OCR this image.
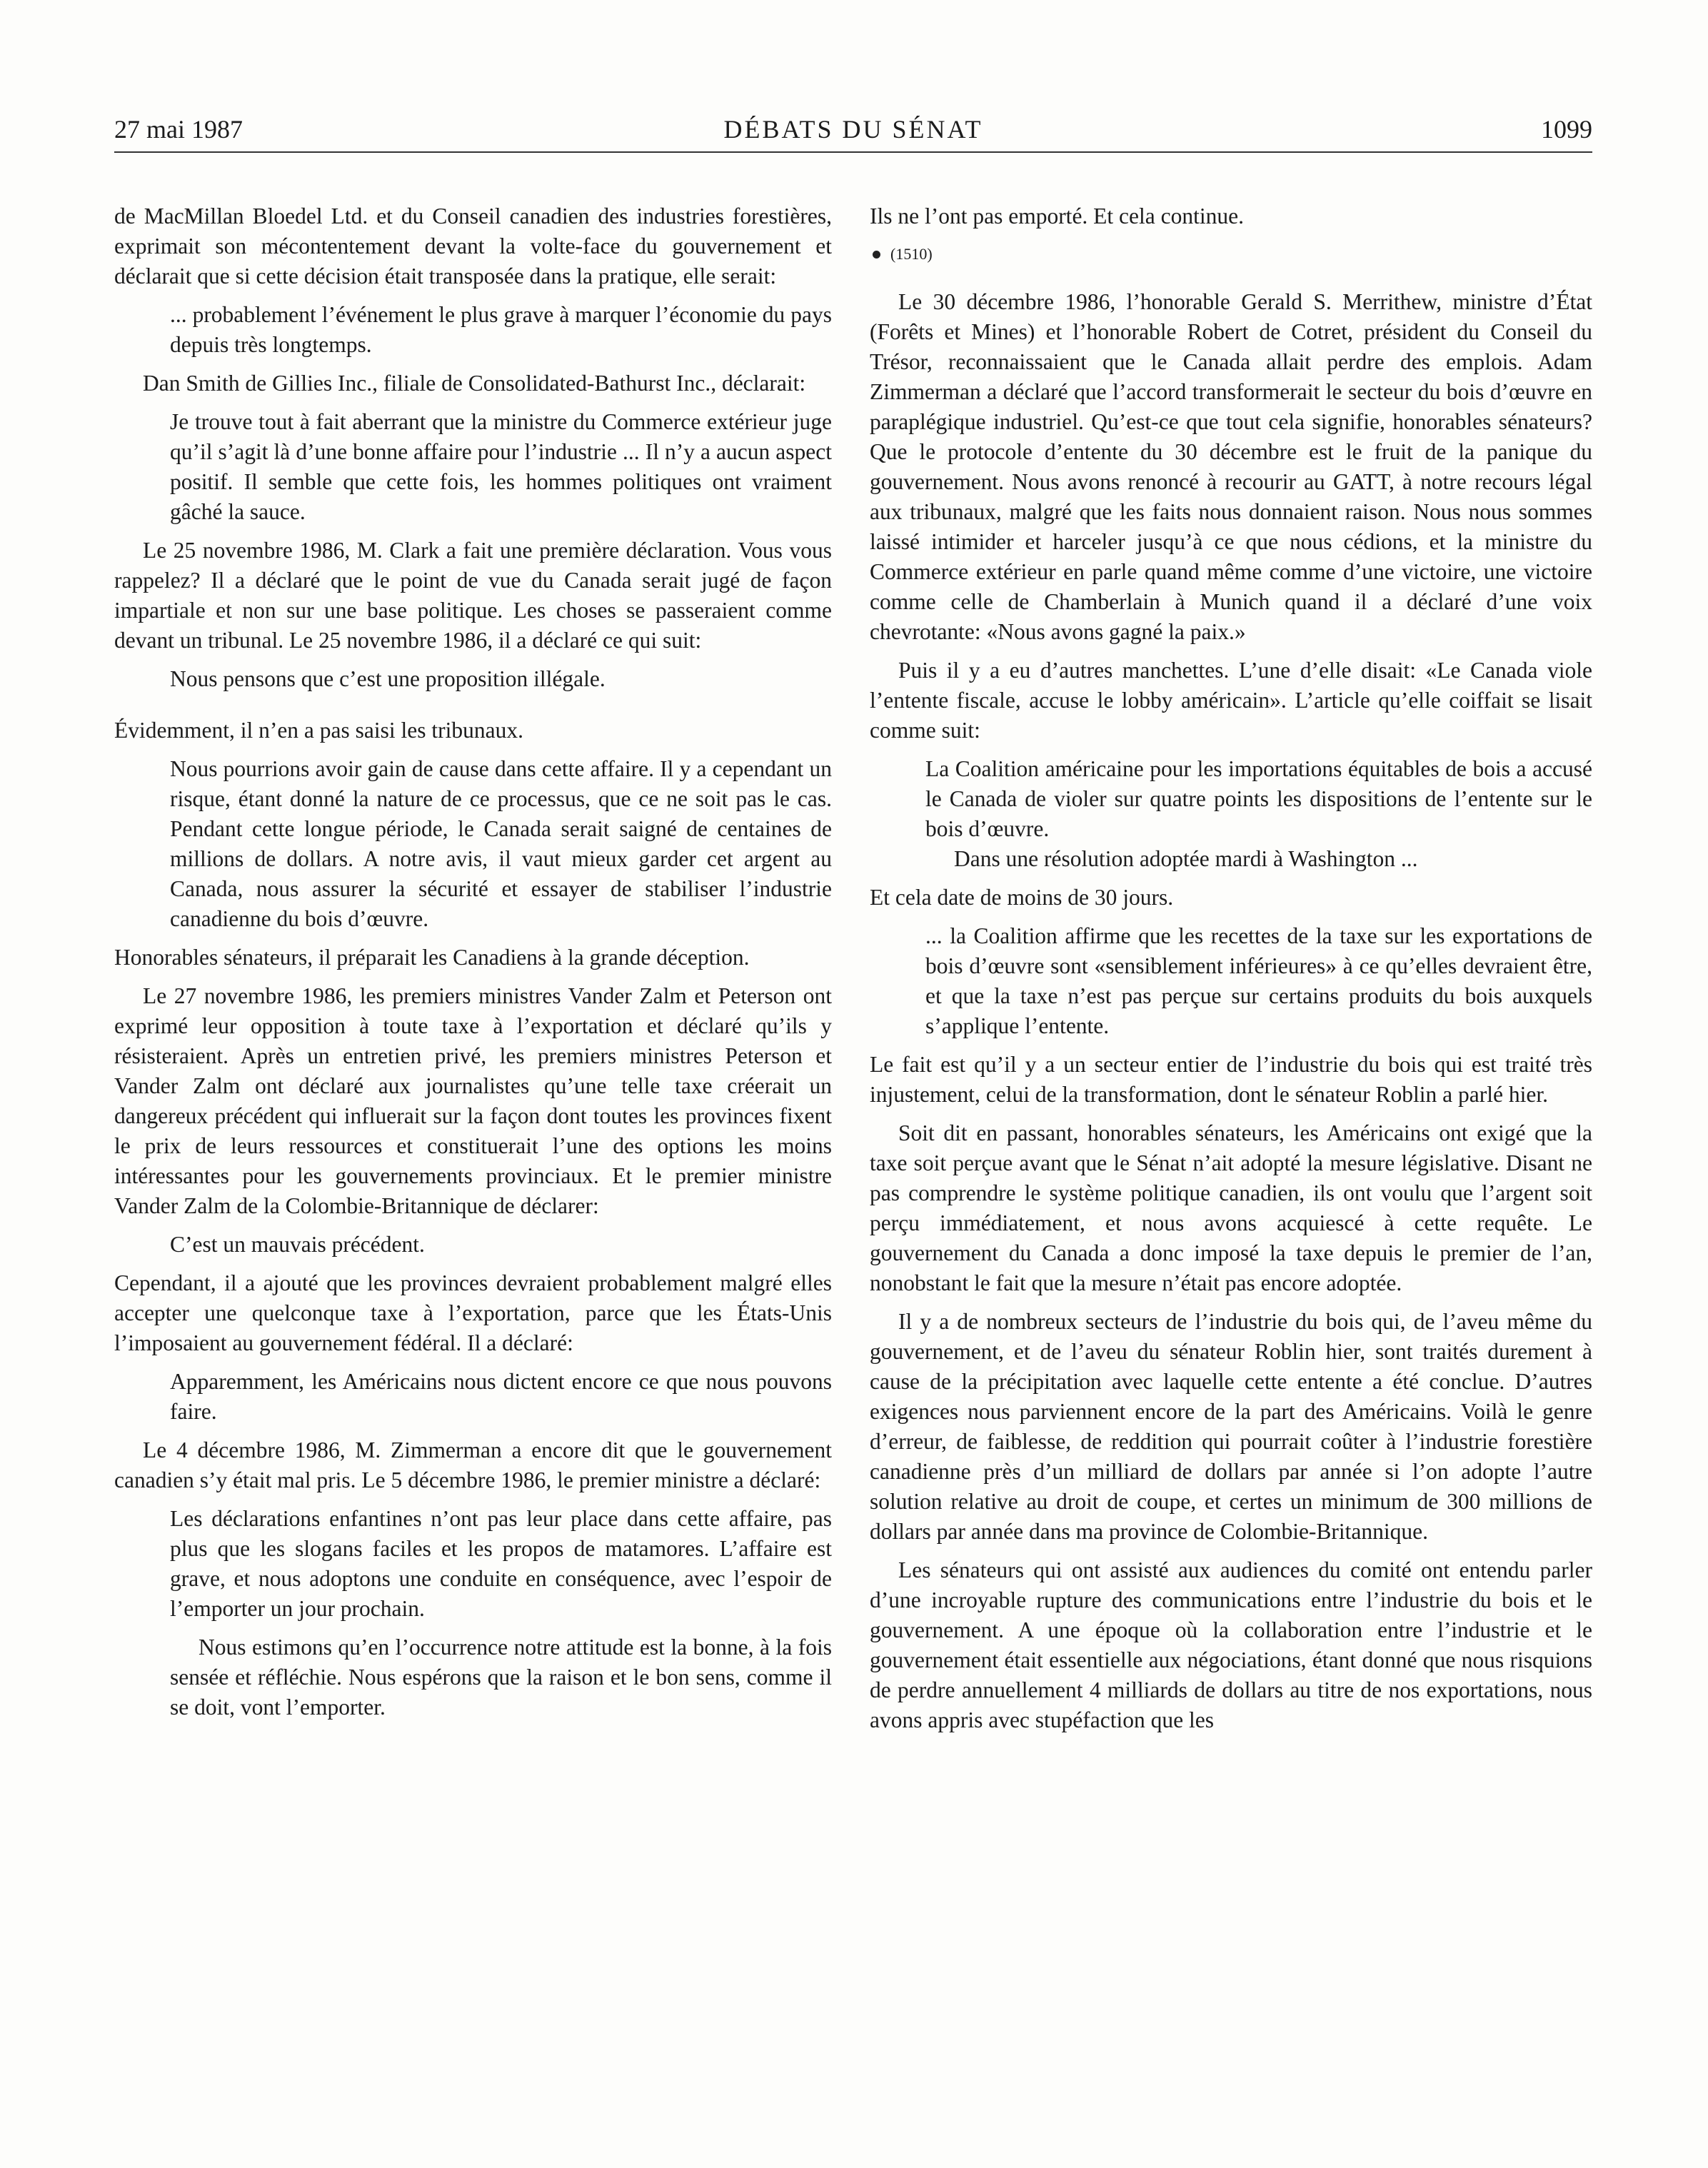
27 mai 1987	DÉBATS DU SÉNAT	1099

de MacMillan Bloedel Ltd. et du Conseil canadien des industries forestières, exprimait son mécontentement devant la volte-face du gouvernement et déclarait que si cette décision était transposée dans la pratique, elle serait:

... probablement l’événement le plus grave à marquer l’économie du pays depuis très longtemps.

Dan Smith de Gillies Inc., filiale de Consolidated-Bathurst Inc., déclarait:

Je trouve tout à fait aberrant que la ministre du Commerce extérieur juge qu’il s’agit là d’une bonne affaire pour l’industrie ... Il n’y a aucun aspect positif. Il semble que cette fois, les hommes politiques ont vraiment gâché la sauce.

Le 25 novembre 1986, M. Clark a fait une première déclaration. Vous vous rappelez? Il a déclaré que le point de vue du Canada serait jugé de façon impartiale et non sur une base politique. Les choses se passeraient comme devant un tribunal. Le 25 novembre 1986, il a déclaré ce qui suit:

Nous pensons que c’est une proposition illégale.

Évidemment, il n’en a pas saisi les tribunaux.

Nous pourrions avoir gain de cause dans cette affaire. Il y a cependant un risque, étant donné la nature de ce processus, que ce ne soit pas le cas. Pendant cette longue période, le Canada serait saigné de centaines de millions de dollars. A notre avis, il vaut mieux garder cet argent au Canada, nous assurer la sécurité et essayer de stabiliser l’industrie canadienne du bois d’œuvre.

Honorables sénateurs, il préparait les Canadiens à la grande déception.

Le 27 novembre 1986, les premiers ministres Vander Zalm et Peterson ont exprimé leur opposition à toute taxe à l’exportation et déclaré qu’ils y résisteraient. Après un entretien privé, les premiers ministres Peterson et Vander Zalm ont déclaré aux journalistes qu’une telle taxe créerait un dangereux précédent qui influerait sur la façon dont toutes les provinces fixent le prix de leurs ressources et constituerait l’une des options les moins intéressantes pour les gouvernements provinciaux. Et le premier ministre Vander Zalm de la Colombie-Britannique de déclarer:

C’est un mauvais précédent.

Cependant, il a ajouté que les provinces devraient probablement malgré elles accepter une quelconque taxe à l’exportation, parce que les États-Unis l’imposaient au gouvernement fédéral. Il a déclaré:

Apparemment, les Américains nous dictent encore ce que nous pouvons faire.

Le 4 décembre 1986, M. Zimmerman a encore dit que le gouvernement canadien s’y était mal pris. Le 5 décembre 1986, le premier ministre a déclaré:

Les déclarations enfantines n’ont pas leur place dans cette affaire, pas plus que les slogans faciles et les propos de matamores. L’affaire est grave, et nous adoptons une conduite en conséquence, avec l’espoir de l’emporter un jour prochain.

Nous estimons qu’en l’occurrence notre attitude est la bonne, à la fois sensée et réfléchie. Nous espérons que la raison et le bon sens, comme il se doit, vont l’emporter.

Ils ne l’ont pas emporté. Et cela continue.

(1510)

Le 30 décembre 1986, l’honorable Gerald S. Merrithew, ministre d’État (Forêts et Mines) et l’honorable Robert de Cotret, président du Conseil du Trésor, reconnaissaient que le Canada allait perdre des emplois. Adam Zimmerman a déclaré que l’accord transformerait le secteur du bois d’œuvre en paraplégique industriel. Qu’est-ce que tout cela signifie, honorables sénateurs? Que le protocole d’entente du 30 décembre est le fruit de la panique du gouvernement. Nous avons renoncé à recourir au GATT, à notre recours légal aux tribunaux, malgré que les faits nous donnaient raison. Nous nous sommes laissé intimider et harceler jusqu’à ce que nous cédions, et la ministre du Commerce extérieur en parle quand même comme d’une victoire, une victoire comme celle de Chamberlain à Munich quand il a déclaré d’une voix chevrotante: «Nous avons gagné la paix.»

Puis il y a eu d’autres manchettes. L’une d’elle disait: «Le Canada viole l’entente fiscale, accuse le lobby américain». L’article qu’elle coiffait se lisait comme suit:

La Coalition américaine pour les importations équitables de bois a accusé le Canada de violer sur quatre points les dispositions de l’entente sur le bois d’œuvre.

Dans une résolution adoptée mardi à Washington ...

Et cela date de moins de 30 jours.

... la Coalition affirme que les recettes de la taxe sur les exportations de bois d’œuvre sont «sensiblement inférieures» à ce qu’elles devraient être, et que la taxe n’est pas perçue sur certains produits du bois auxquels s’applique l’entente.

Le fait est qu’il y a un secteur entier de l’industrie du bois qui est traité très injustement, celui de la transformation, dont le sénateur Roblin a parlé hier.

Soit dit en passant, honorables sénateurs, les Américains ont exigé que la taxe soit perçue avant que le Sénat n’ait adopté la mesure législative. Disant ne pas comprendre le système politique canadien, ils ont voulu que l’argent soit perçu immédiatement, et nous avons acquiescé à cette requête. Le gouvernement du Canada a donc imposé la taxe depuis le premier de l’an, nonobstant le fait que la mesure n’était pas encore adoptée.

Il y a de nombreux secteurs de l’industrie du bois qui, de l’aveu même du gouvernement, et de l’aveu du sénateur Roblin hier, sont traités durement à cause de la précipitation avec laquelle cette entente a été conclue. D’autres exigences nous parviennent encore de la part des Américains. Voilà le genre d’erreur, de faiblesse, de reddition qui pourrait coûter à l’industrie forestière canadienne près d’un milliard de dollars par année si l’on adopte l’autre solution relative au droit de coupe, et certes un minimum de 300 millions de dollars par année dans ma province de Colombie-Britannique.

Les sénateurs qui ont assisté aux audiences du comité ont entendu parler d’une incroyable rupture des communications entre l’industrie du bois et le gouvernement. A une époque où la collaboration entre l’industrie et le gouvernement était essentielle aux négociations, étant donné que nous risquions de perdre annuellement 4 milliards de dollars au titre de nos exportations, nous avons appris avec stupéfaction que les
